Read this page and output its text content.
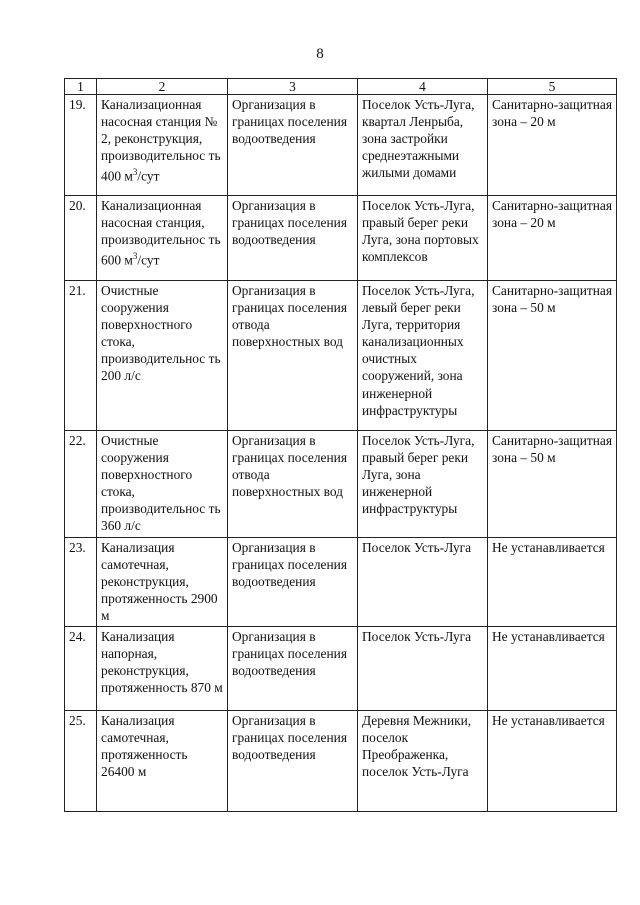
8
1	2	3	4	5
19.	Канализационная насосная станция № 2, реконструкция, производительнос ть 400 $м^3$/сут	Организация в границах поселения водоотведения	Поселок Усть-Луга, квартал Ленрыба, зона застройки среднеэтажными жилыми домами	Санитарно-защитная зона – 20 м
20.	Канализационная насосная станция, производительнос ть 600 $м^3$/сут	Организация в границах поселения водоотведения	Поселок Усть-Луга, правый берег реки Луга, зона портовых комплексов	Санитарно-защитная зона – 20 м
21.	Очистные сооружения поверхностного стока, производительнос ть 200 л/с	Организация в границах поселения отвода поверхностных вод	Поселок Усть-Луга, левый берег реки Луга, территория канализационных очистных сооружений, зона инженерной инфраструктуры	Санитарно-защитная зона – 50 м
22.	Очистные сооружения поверхностного стока, производительнос ть 360 л/с	Организация в границах поселения отвода поверхностных вод	Поселок Усть-Луга, правый берег реки Луга, зона инженерной инфраструктуры	Санитарно-защитная зона – 50 м
23.	Канализация самотечная, реконструкция, протяженность 2900 м	Организация в границах поселения водоотведения	Поселок Усть-Луга	Не устанавливается
24.	Канализация напорная, реконструкция, протяженность 870 м	Организация в границах поселения водоотведения	Поселок Усть-Луга	Не устанавливается
25.	Канализация самотечная, протяженность 26400 м	Организация в границах поселения водоотведения	Деревня Межники, поселок Преображенка, поселок Усть-Луга	Не устанавливается
